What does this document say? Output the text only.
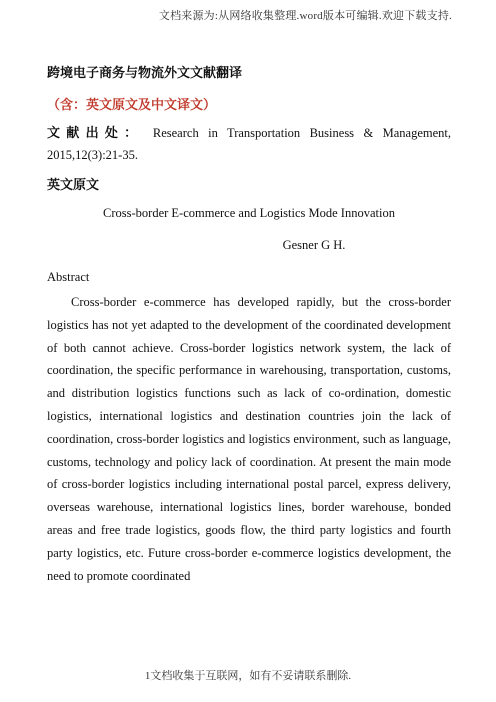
文档来源为:从网络收集整理.word版本可编辑.欢迎下载支持.
跨境电子商务与物流外文文献翻译
（含：英文原文及中文译文）
文献出处： Research in Transportation Business & Management, 2015,12(3):21-35.
英文原文
Cross-border E-commerce and Logistics Mode Innovation
Gesner G H.
Abstract

Cross-border e-commerce has developed rapidly, but the cross-border logistics has not yet adapted to the development of the coordinated development of both cannot achieve. Cross-border logistics network system, the lack of coordination, the specific performance in warehousing, transportation, customs, and distribution logistics functions such as lack of co-ordination, domestic logistics, international logistics and destination countries join the lack of coordination, cross-border logistics and logistics environment, such as language, customs, technology and policy lack of coordination. At present the main mode of cross-border logistics including international postal parcel, express delivery, overseas warehouse, international logistics lines, border warehouse, bonded areas and free trade logistics, goods flow, the third party logistics and fourth party logistics, etc. Future cross-border e-commerce logistics development, the need to promote coordinated

1文档收集于互联网，如有不妥请联系删除.
